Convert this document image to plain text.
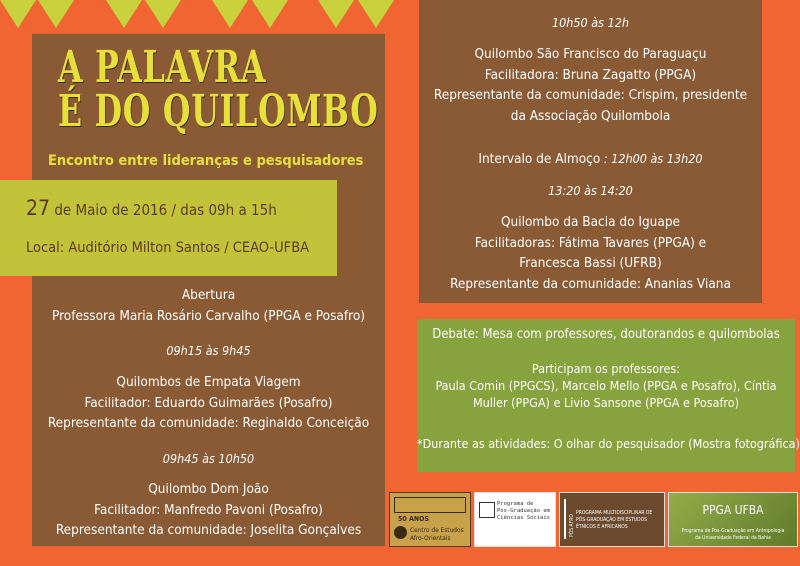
A PALAVRA
É DO QUILOMBO
Encontro entre lideranças e pesquisadores
27 de Maio de 2016 / das 09h a 15h
Local: Auditório Milton Santos / CEAO-UFBA
Abertura
Professora Maria Rosário Carvalho (PPGA e Posafro)
09h15 às 9h45
Quilombos de Empata Viagem
Facilitador: Eduardo Guimarães (Posafro)
Representante da comunidade: Reginaldo Conceição
09h45 às 10h50
Quilombo Dom João
Facilitador: Manfredo Pavoni (Posafro)
Representante da comunidade: Joselita Gonçalves
10h50 às 12h
Quilombo São Francisco do Paraguaçu
Facilitadora: Bruna Zagatto (PPGA)
Representante da comunidade: Crispim, presidente
da Associação Quilombola
Intervalo de Almoço : 12h00 às 13h20
13:20 às 14:20
Quilombo da Bacia do Iguape
Facilitadoras: Fátima Tavares (PPGA) e
Francesca Bassi (UFRB)
Representante da comunidade: Ananias Viana
Debate: Mesa com professores, doutorandos e quilombolas
Participam os professores:
Paula Comin (PPGCS), Marcelo Mello (PPGA e Posafro), Cíntia
Muller (PPGA) e Livio Sansone (PPGA e Posafro)
*Durante as atividades: O olhar do pesquisador (Mostra fotográfica)
50 ANOS
Centro de Estudos
Afro-Orientais
Programa de
Pós-Graduação em
Ciências Sociais	PÓS AFRO
PROGRAMA MULTIDISCIPLINAR DE
PÓS-GRADUAÇÃO EM ESTUDOS
ÉTNICOS E AFRICANOS
PPGA UFBA
Programa de Pós-Graduação em Antropologia
da Universidade Federal da Bahia
